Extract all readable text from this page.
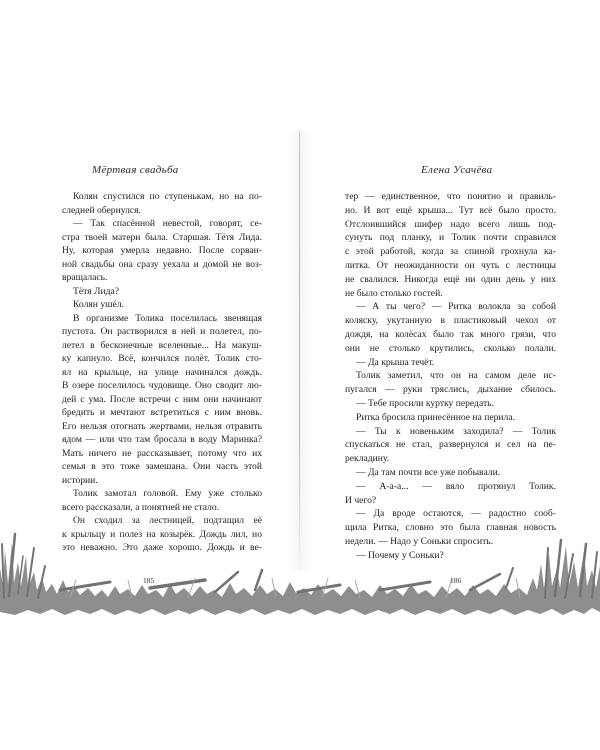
Мёртвая свадьба	Елена Усачёва
Колян спустился по ступенькам, но на по-
следней обернулся.
— Так спасённой невестой, говорят, се-
стра твоей матери была. Старшая. Тётя Лида.
Ну, которая умерла недавно. После сорван-
ной свадьбы она сразу уехала и домой не воз-
вращалась.
Тётя Лида?
Колян ушёл.
В организме Толика поселилась звенящая
пустота. Он растворился в ней и полетел, по-
летел в бесконечные вселенные... На макуш-
ку капнуло. Всё, кончился полёт. Толик сто-
ял на крыльце, на улице начинался дождь.
В озере поселилось чудовище. Оно сводит лю-
дей с ума. После встречи с ним они начинают
бредить и мечтают встретиться с ним вновь.
Его нельзя отогнать жертвами, нельзя отравить
ядом — или что там бросала в воду Маринка?
Мать ничего не рассказывает, потому что их
семья в это тоже замешана. Они часть этой
истории.
Толик замотал головой. Ему уже столько
всего рассказали, а понятней не стало.
Он сходил за лестницей, подтащил её
к крыльцу и полез на козырёк. Дождь лил, но
это неважно. Это даже хорошо. Дождь и ве-
тер — единственное, что понятно и правиль-
но. И вот ещё крыша... Тут всё было просто.
Отслоившийся шифер надо всего лишь под-
сунуть под планку, и Толик почти справился
с этой работой, когда за спиной грохнула ка-
литка. От неожиданности он чуть с лестницы
не свалился. Никогда ещё ни один день у них
не было столько гостей.
— А ты чего? — Ритка волокла за собой
коляску, укутанную в пластиковый чехол от
дождя, на колёсах было так много грязи, что
они не столько крутились, сколько полали.
— Да крыша течёт.
Толик заметил, что он на самом деле ис-
пугался — руки тряслись, дыхание сбилось.
— Тебе просили куртку передать.
Ритка бросила принесённое на перила.
— Ты к новеньким заходила? — Толик
спускаться не стал, развернулся и сел на пе-
рекладину.
— Да там почти все уже побывали.
— А-а-а... — вяло протянул Толик.
И чего?
— Да вроде остаются, — радостно сооб-
щила Ритка, словно это была главная новость
недели. — Надо у Соньки спросить.
— Почему у Соньки?
185	186
